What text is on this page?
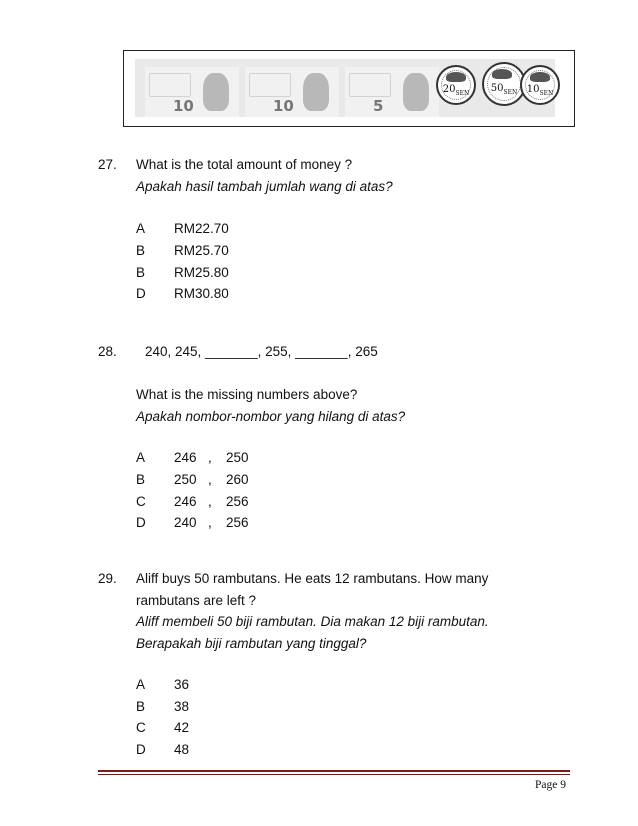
10	10	5
$20_{SEN}$	$50_{SEN}$ $10_{SEN}$
27. What is the total amount of money ?
Apakah hasil tambah jumlah wang di atas?
A RM22.70
B RM25.70
B RM25.80
D RM30.80
28. 240, 245, _______, 255, _______, 265
What is the missing numbers above?
Apakah nombor-nombor yang hilang di atas?
A 246 , 250
B 250 , 260
C 246 , 256
D 240 , 256
29. Aliff buys 50 rambutans. He eats 12 rambutans. How many
rambutans are left ?
Aliff membeli 50 biji rambutan. Dia makan 12 biji rambutan.
Berapakah biji rambutan yang tinggal?
A 36
B 38
C 42
D 48
Page 9
